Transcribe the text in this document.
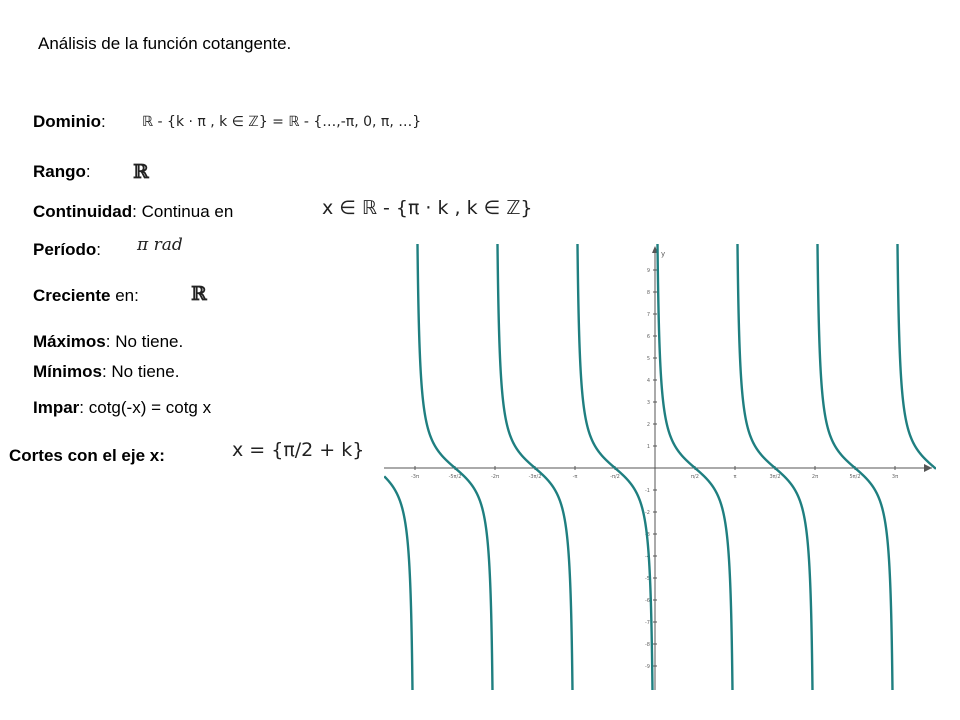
Análisis de la función cotangente.
Dominio:	ℝ - {k · π , k ∈ ℤ} = ℝ - {…,-π, 0, π, …}
Rango: ℝ
Continuidad: Continua en	x ∈ ℝ - {π · k , k ∈ ℤ}
Período: π rad
Creciente en:	ℝ
Máximos: No tiene.
Mínimos: No tiene.
Impar: cotg(-x) = cotg x
Cortes con el eje x:	x = {π/2 + k}
y
-3π	-5π/2	-2π	-3π/2	-π	-π/2	π/2	π	3π/2	2π	5π/2	3π
9
8
7
6
5
4
3
2
1
-1
-2
-3
-4
-5
-6
-7
-8
-9
